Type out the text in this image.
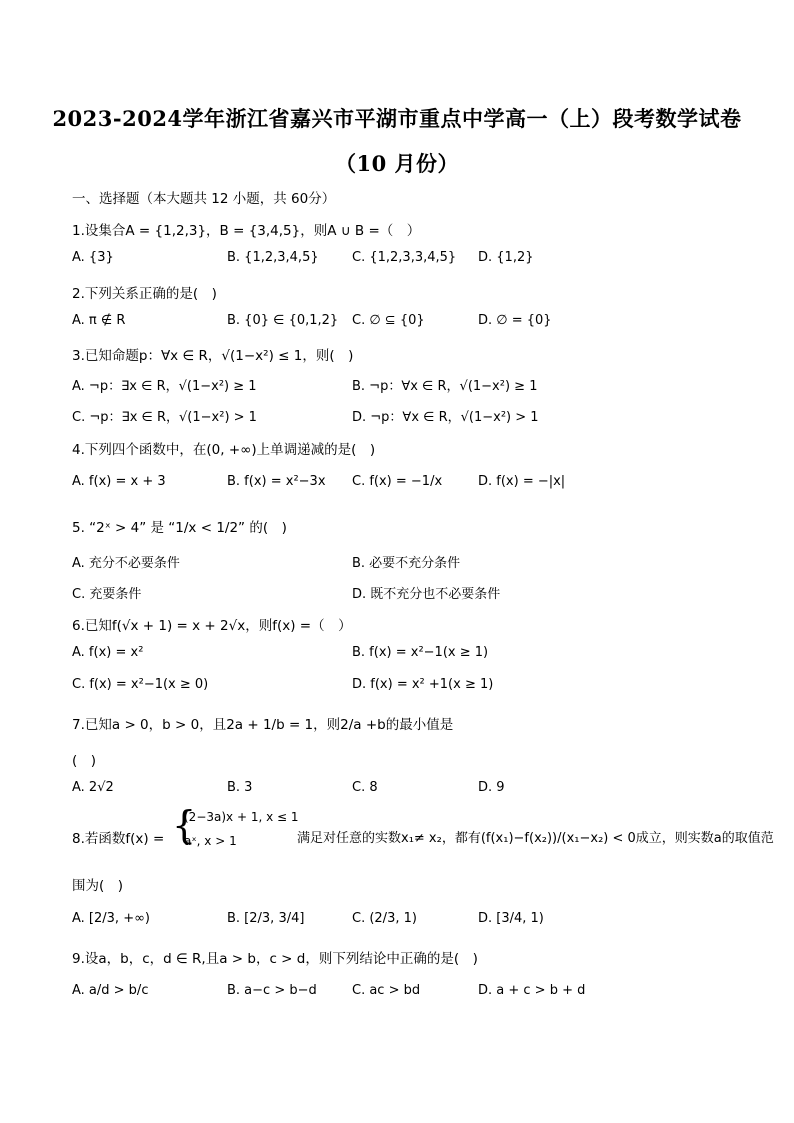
2023-2024学年浙江省嘉兴市平湖市重点中学高一（上）段考数学试卷
（10 月份）
一、选择题（本大题共 12 小题，共 60分）
1.设集合A = {1,2,3}，B = {3,4,5}，则A ∪ B =（　）
A. {3}	B. {1,2,3,4,5}	C. {1,2,3,3,4,5} D. {1,2}
2.下列关系正确的是(　)
A. π ∉ R	B. {0} ∈ {0,1,2} C. ∅ ⊆ {0}	D. ∅ = {0}
3.已知命题p：∀x ∈ R，√(1−x²) ≤ 1，则(　)
A. ¬p：∃x ∈ R，√(1−x²) ≥ 1	B. ¬p：∀x ∈ R，√(1−x²) ≥ 1
C. ¬p：∃x ∈ R，√(1−x²) > 1	D. ¬p：∀x ∈ R，√(1−x²) > 1
4.下列四个函数中，在(0, +∞)上单调递减的是(　)
A. f(x) = x + 3	B. f(x) = x²−3x C. f(x) = −1/x	D. f(x) = −|x|
5. “2ˣ > 4” 是 “1/x < 1/2” 的(　)
A. 充分不必要条件	B. 必要不充分条件
C. 充要条件	D. 既不充分也不必要条件
6.已知f(√x + 1) = x + 2√x，则f(x) =（　）
A. f(x) = x²	B. f(x) = x²−1(x ≥ 1)
C. f(x) = x²−1(x ≥ 0)	D. f(x) = x² +1(x ≥ 1)
7.已知a > 0，b > 0，且2a + 1/b = 1，则2/a +b的最小值是
(　)
A. 2√2	B. 3	C. 8	D. 9
8.若函数f(x) = {
(2−3a)x + 1, x ≤ 1
aˣ, x > 1	满足对任意的实数x₁≠ x₂，都有(f(x₁)−f(x₂))/(x₁−x₂) < 0成立，则实数a的取值范
围为(　)
A. [2/3, +∞)	B. [2/3, 3/4]	C. (2/3, 1)	D. [3/4, 1)
9.设a，b，c，d ∈ R,且a > b，c > d，则下列结论中正确的是(　)
A. a/d > b/c	B. a−c > b−d	C. ac > bd	D. a + c > b + d
